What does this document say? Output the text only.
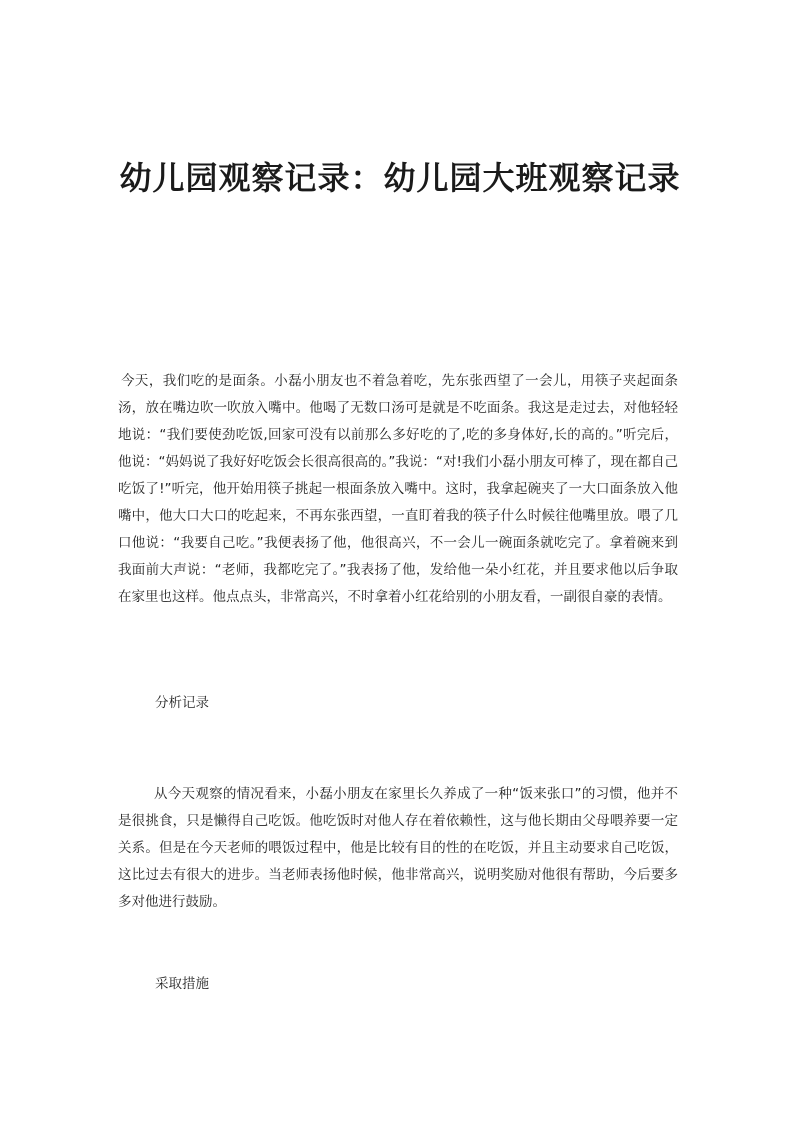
幼儿园观察记录：幼儿园大班观察记录

今天，我们吃的是面条。小磊小朋友也不着急着吃，先东张西望了一会儿，用筷子夹起面条汤，放在嘴边吹一吹放入嘴中。他喝了无数口汤可是就是不吃面条。我这是走过去，对他轻轻地说：“我们要使劲吃饭,回家可没有以前那么多好吃的了,吃的多身体好,长的高的。”听完后，他说：“妈妈说了我好好吃饭会长很高很高的。”我说：“对!我们小磊小朋友可棒了，现在都自己吃饭了!”听完，他开始用筷子挑起一根面条放入嘴中。这时，我拿起碗夹了一大口面条放入他嘴中，他大口大口的吃起来，不再东张西望，一直盯着我的筷子什么时候往他嘴里放。喂了几口他说：“我要自己吃。”我便表扬了他，他很高兴，不一会儿一碗面条就吃完了。拿着碗来到我面前大声说：“老师，我都吃完了。”我表扬了他，发给他一朵小红花，并且要求他以后争取在家里也这样。他点点头，非常高兴，不时拿着小红花给别的小朋友看，一副很自豪的表情。

分析记录

从今天观察的情况看来，小磊小朋友在家里长久养成了一种“饭来张口”的习惯，他并不是很挑食，只是懒得自己吃饭。他吃饭时对他人存在着依赖性，这与他长期由父母喂养要一定关系。但是在今天老师的喂饭过程中，他是比较有目的性的在吃饭，并且主动要求自己吃饭，这比过去有很大的进步。当老师表扬他时候，他非常高兴，说明奖励对他很有帮助，今后要多多对他进行鼓励。

采取措施
